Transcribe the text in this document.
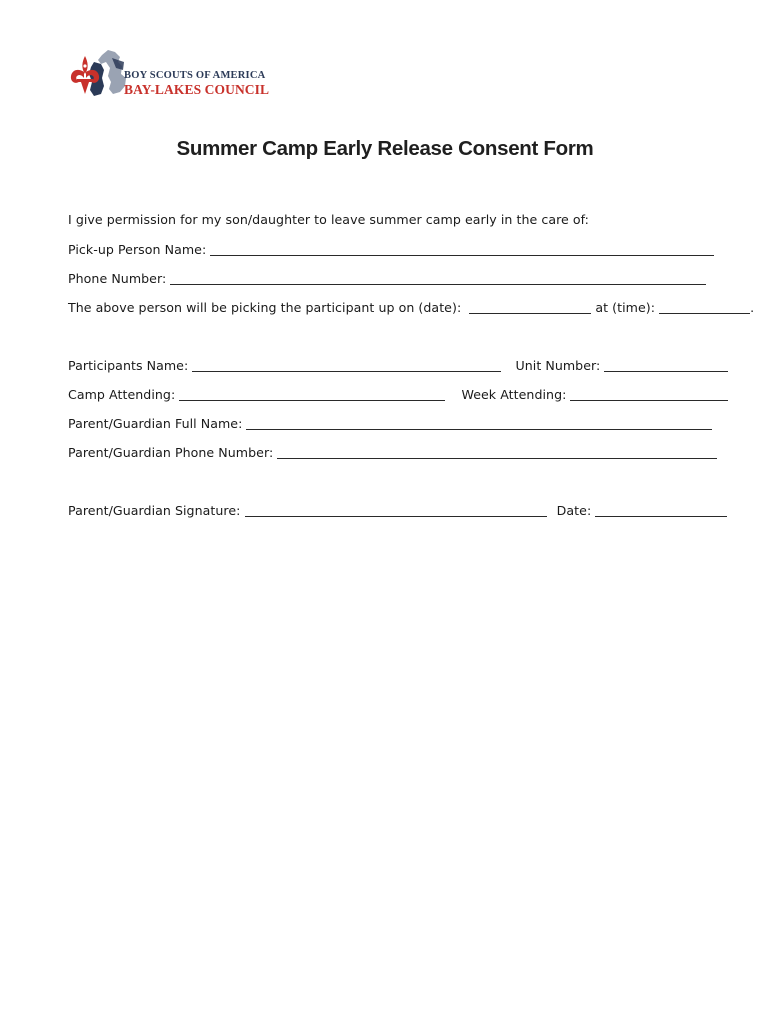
BOY SCOUTS OF AMERICA
BAY-LAKES COUNCIL
Summer Camp Early Release Consent Form
I give permission for my son/daughter to leave summer camp early in the care of:
Pick-up Person Name:
Phone Number:
The above person will be picking the participant up on (date):	at (time):	.
Participants Name:	Unit Number:
Camp Attending:	Week Attending:
Parent/Guardian Full Name:
Parent/Guardian Phone Number:
Parent/Guardian Signature:	Date:
